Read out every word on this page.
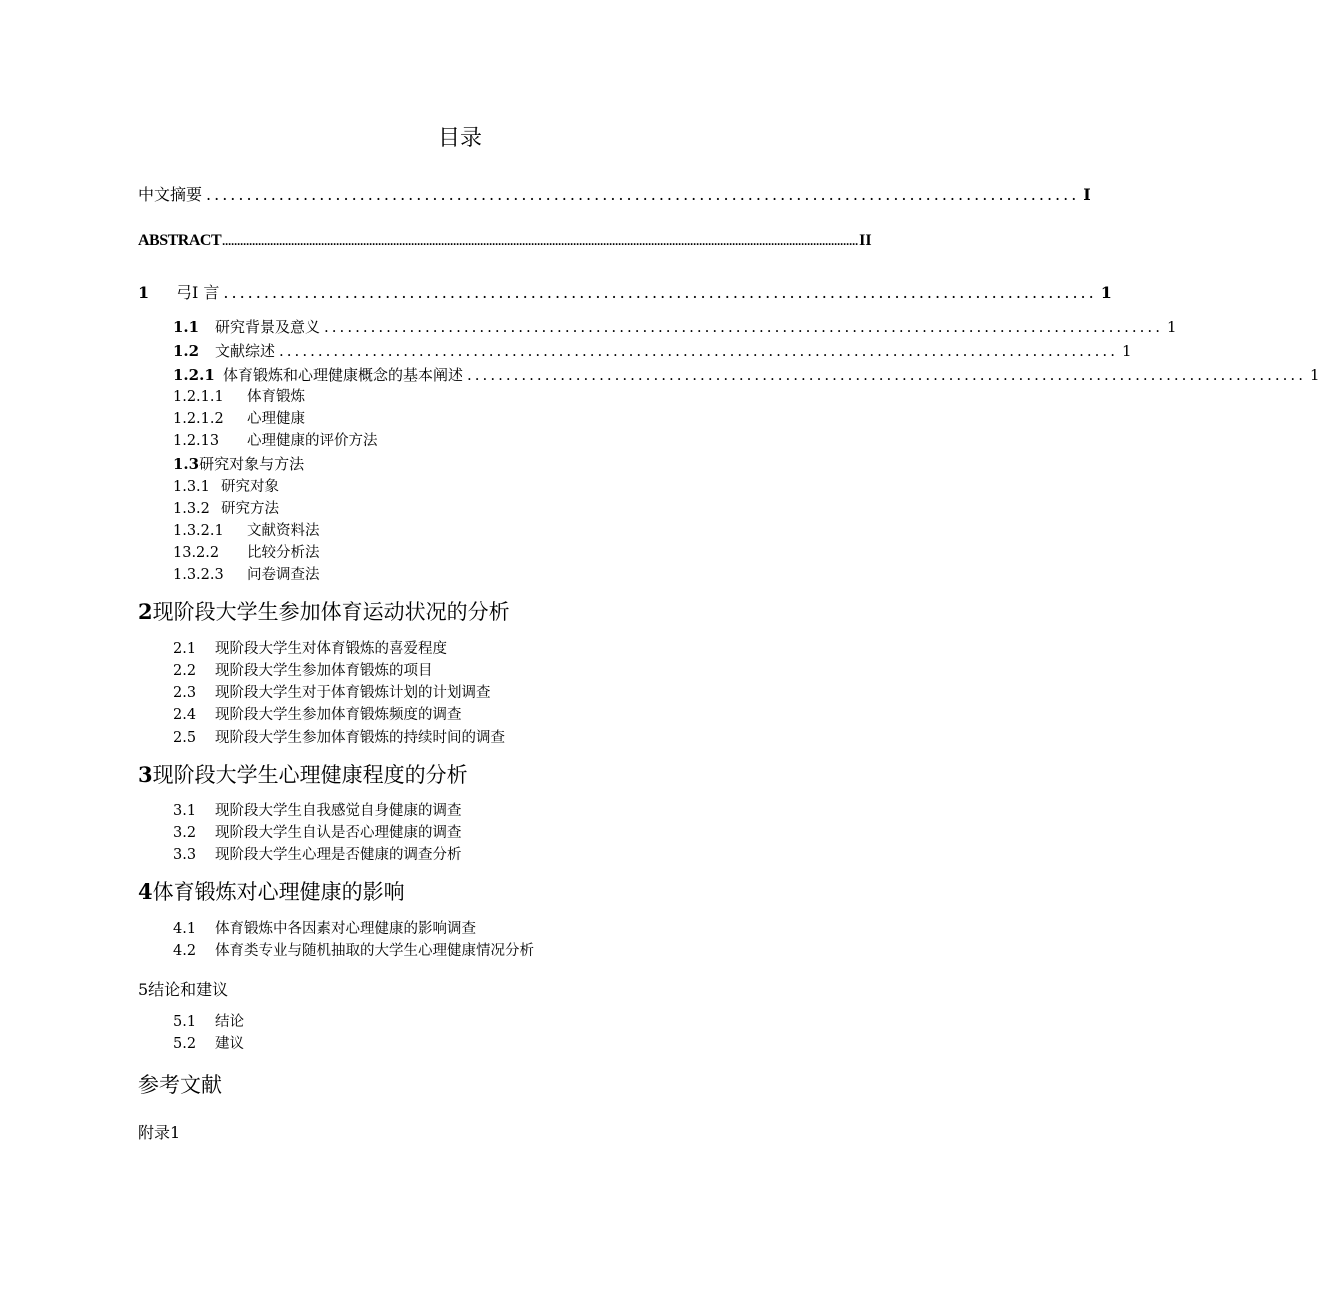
目录
中文摘要 ............................................................................................................ I
ABSTRACT .................................................................................................................................................................................................................... II
1	弓I 言 ............................................................................................................ 1
1.1	研究背景及意义 ............................................................................................................ 1
1.2	文献综述 ............................................................................................................ 1
1.2.1 体育锻炼和心理健康概念的基本阐述 ............................................................................................................ 1
1.2.1.1 体育锻炼
1.2.1.2 心理健康
1.2.13 心理健康的评价方法
1.3研究对象与方法
1.3.1 研究对象
1.3.2 研究方法
1.3.2.1 文献资料法
13.2.2 比较分析法
1.3.2.3 问卷调查法
2现阶段大学生参加体育运动状况的分析
2.1 现阶段大学生对体育锻炼的喜爱程度
2.2 现阶段大学生参加体育锻炼的项目
2.3 现阶段大学生对于体育锻炼计划的计划调查
2.4 现阶段大学生参加体育锻炼频度的调查
2.5 现阶段大学生参加体育锻炼的持续时间的调查
3现阶段大学生心理健康程度的分析
3.1 现阶段大学生自我感觉自身健康的调查
3.2 现阶段大学生自认是否心理健康的调查
3.3 现阶段大学生心理是否健康的调查分析
4体育锻炼对心理健康的影响
4.1 体育锻炼中各因素对心理健康的影响调查
4.2 体育类专业与随机抽取的大学生心理健康情况分析
5结论和建议
5.1 结论
5.2 建议
参考文献
附录1
